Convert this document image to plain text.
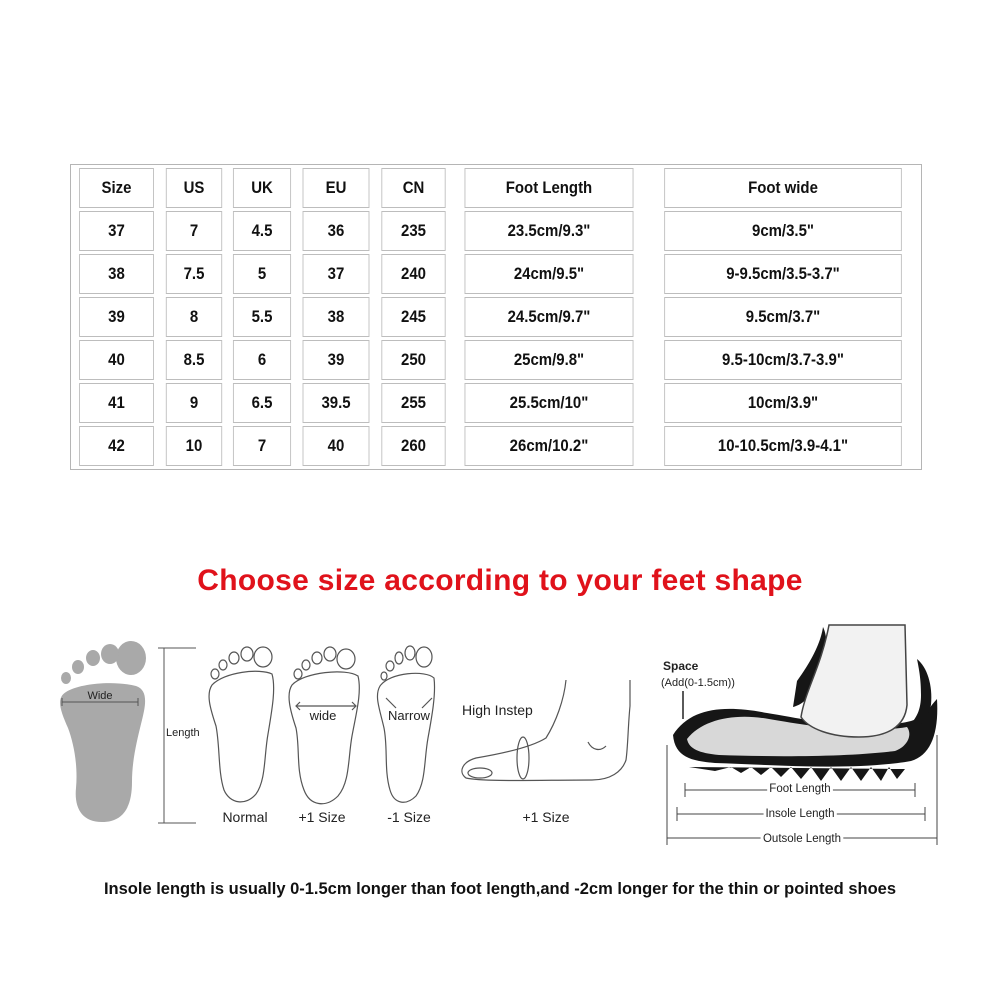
Size	US	UK	EU	CN	Foot Length	Foot wide
37	7	4.5	36	235	23.5cm/9.3"	9cm/3.5"
38	7.5	5	37	240	24cm/9.5"	9-9.5cm/3.5-3.7"
39	8	5.5	38	245	24.5cm/9.7"	9.5cm/3.7"
40	8.5	6	39	250	25cm/9.8"	9.5-10cm/3.7-3.9"
41	9	6.5	39.5	255	25.5cm/10"	10cm/3.9"
42	10	7	40	260	26cm/10.2"	10-10.5cm/3.9-4.1"
Choose size according to your feet shape
Wide
Length
Normal
wide
+1 Size
Narrow
-1 Size
High Instep
+1 Size
Space
(Add(0-1.5cm))
Foot Length
Insole Length
Outsole Length
Insole length is usually 0-1.5cm longer than foot length,and -2cm longer for the thin or pointed shoes
